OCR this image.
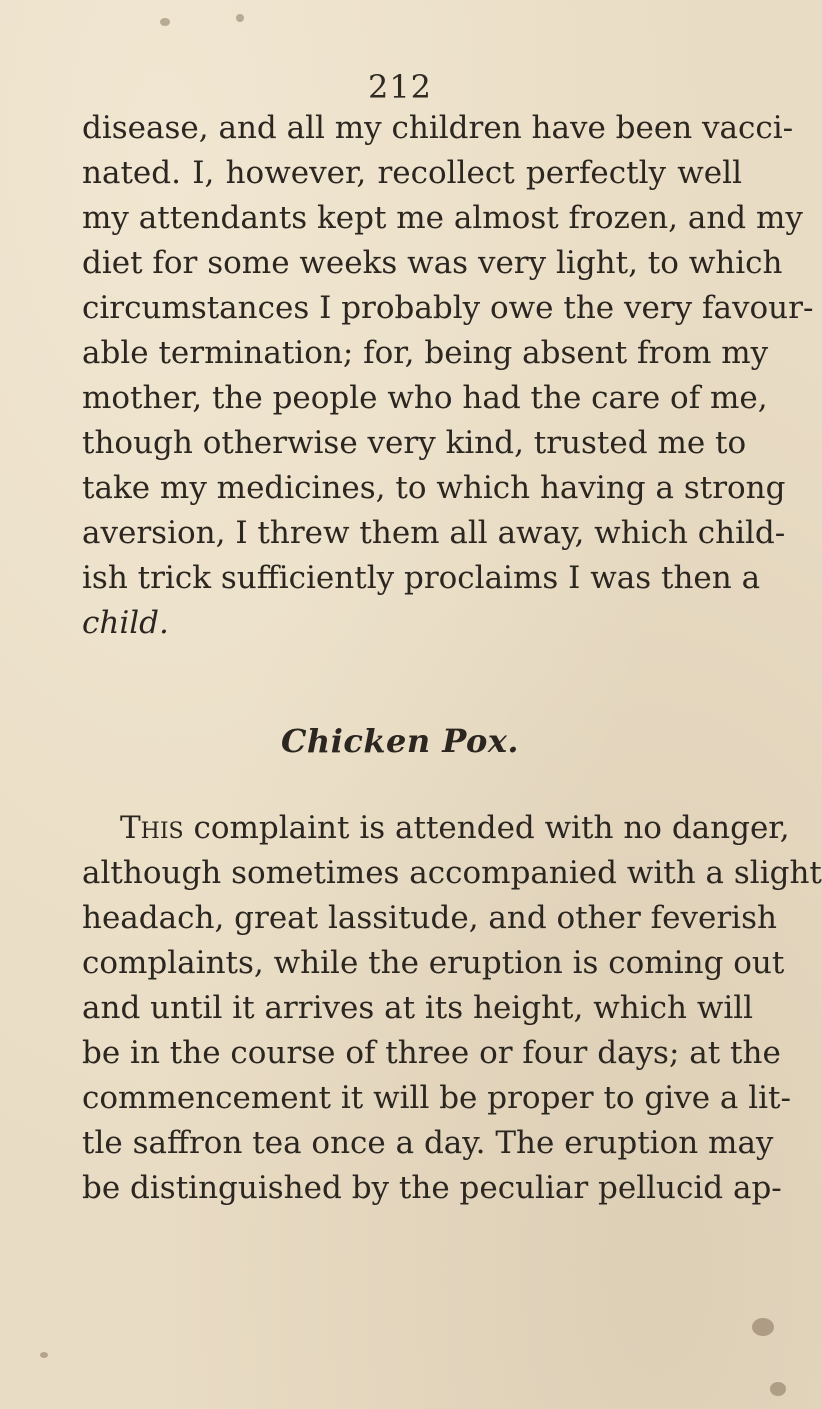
212
disease, and all my children have been vacci-
nated. I, however, recollect perfectly well
my attendants kept me almost frozen, and my
diet for some weeks was very light, to which
circumstances I probably owe the very favour-
able termination; for, being absent from my
mother, the people who had the care of me,
though otherwise very kind, trusted me to
take my medicines, to which having a strong
aversion, I threw them all away, which child-
ish trick sufficiently proclaims I was then a
child.
Chicken Pox.
This complaint is attended with no danger,
although sometimes accompanied with a slight
headach, great lassitude, and other feverish
complaints, while the eruption is coming out
and until it arrives at its height, which will
be in the course of three or four days; at the
commencement it will be proper to give a lit-
tle saffron tea once a day. The eruption may
be distinguished by the peculiar pellucid ap-
